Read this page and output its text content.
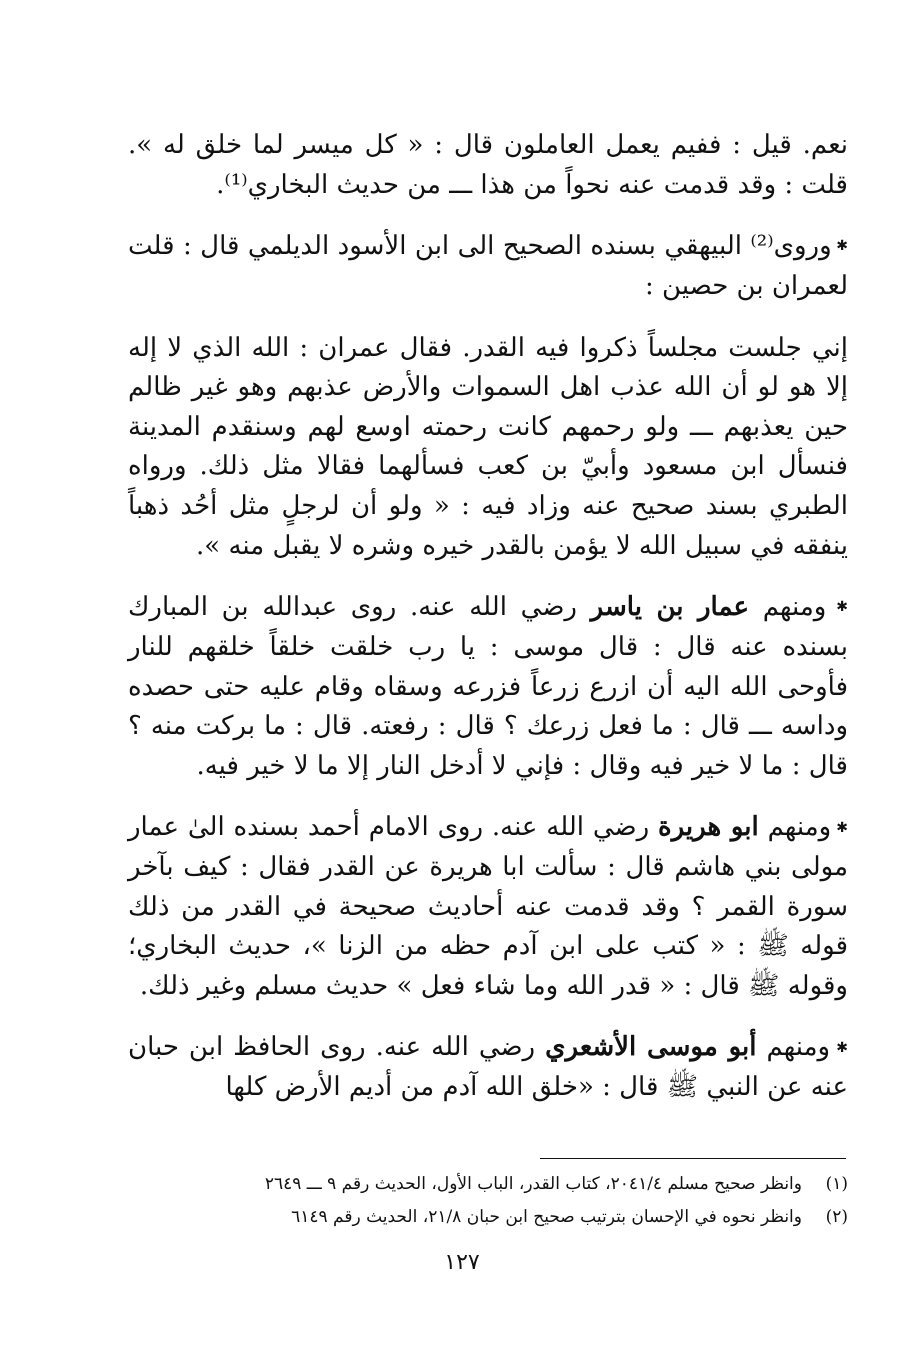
نعم. قيل : ففيم يعمل العاملون قال : « كل ميسر لما خلق له ». قلت : وقد قدمت عنه نحواً من هذا ـــ من حديث البخاري⁽¹⁾.

✱ وروى⁽²⁾ البيهقي بسنده الصحيح الى ابن الأسود الديلمي قال : قلت لعمران بن حصين :

إني جلست مجلساً ذكروا فيه القدر. فقال عمران : الله الذي لا إله إلا هو لو أن الله عذب اهل السموات والأرض عذبهم وهو غير ظالم حين يعذبهم ـــ ولو رحمهم كانت رحمته اوسع لهم وسنقدم المدينة فنسأل ابن مسعود وأبيّ بن كعب فسألهما فقالا مثل ذلك. ورواه الطبري بسند صحيح عنه وزاد فيه : « ولو أن لرجلٍ مثل أحُد ذهباً ينفقه في سبيل الله لا يؤمن بالقدر خيره وشره لا يقبل منه ».

✱ ومنهم عمار بن ياسر رضي الله عنه. روى عبدالله بن المبارك بسنده عنه قال : قال موسى : يا رب خلقت خلقاً خلقهم للنار فأوحى الله اليه أن ازرع زرعاً فزرعه وسقاه وقام عليه حتى حصده وداسه ـــ قال : ما فعل زرعك ؟ قال : رفعته. قال : ما بركت منه ؟ قال : ما لا خير فيه وقال : فإني لا أدخل النار إلا ما لا خير فيه.

✱ ومنهم ابو هريرة رضي الله عنه. روى الامام أحمد بسنده الىٰ عمار مولى بني هاشم قال : سألت ابا هريرة عن القدر فقال : كيف بآخر سورة القمر ؟ وقد قدمت عنه أحاديث صحيحة في القدر من ذلك قوله ﷺ : « كتب على ابن آدم حظه من الزنا »، حديث البخاري؛ وقوله ﷺ قال : « قدر الله وما شاء فعل » حديث مسلم وغير ذلك.

✱ ومنهم أبو موسى الأشعري رضي الله عنه. روى الحافظ ابن حبان عنه عن النبي ﷺ قال : «خلق الله آدم من أديم الأرض كلها

(١)
وانظر صحيح مسلم ٢٠٤١/٤، كتاب القدر، الباب الأول، الحديث رقم ٩ ـــ ٢٦٤٩
(٢)
وانظر نحوه في الإحسان بترتيب صحيح ابن حبان ٢١/٨، الحديث رقم ٦١٤٩
١٢٧
